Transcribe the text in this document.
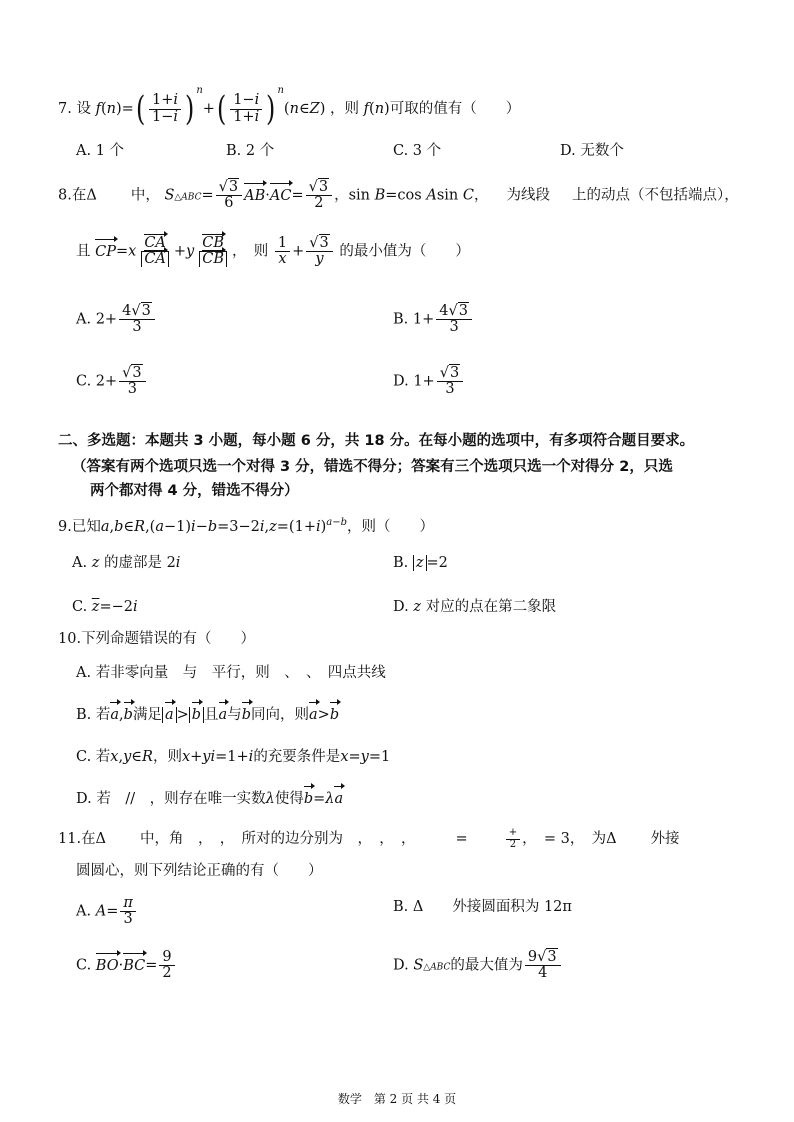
7. 设 f(n)= ( $\frac{1+i}{1-i}$ ) $^n$+ ( $\frac{1-i}{1+i}$ ) $^n$(n∈Z) ，则 f(n)可取的值有（　　）
A. 1 个	B. 2 个	C. 3 个	D. 无数个
8.在Δ 中， S△ABC= $\frac{√3}{6} AB\cdot AC= \frac{√3}{2}$ ，sin B=cos Asin C， 为线段 上的动点（不包括端点），
且 $CP=x \frac{CA}{CA} +y \frac{CB}{CB}$ ，　则 $\frac{1}{x} + \frac{√3}{y}$ 的最小值为（　　）
A. $2+ \frac{4√3}{3}$	B. $1+ \frac{4√3}{3}$
C. $2+ \frac{√3}{3}$	D. $1+ \frac{√3}{3}$
二、多选题：本题共 3 小题，每小题 6 分，共 18 分。在每小题的选项中，有多项符合题目要求。
（答案有两个选项只选一个对得 3 分，错选不得分；答案有三个选项只选一个对得分 2，只选
两个都对得 4 分，错选不得分）
9.已知$a,b\in R,(a-1)i-b=3-2i,z=(1+i)^{a-b}$，则（　　）
A. z 的虚部是 2i	B. z =2
C. $\overline{z}=-2i$	D. z 对应的点在第二象限
10.下列命题错误的有（　　）
A. 若非零向量　与　平行，则　、　、　四点共线
B. 若a,b满足 a > b 且a与b同向，则a>b
C. 若x,y∈R，则x+yi=1+i的充要条件是x=y=1
D. 若　//　，则存在唯一实数λ使得b=λa
11.在Δ 中，角　，　，　所对的边分别为　，　，　，	=	$\frac{+}{2}$ ，　= 3，　为Δ 外接
圆圆心，则下列结论正确的有（　　）
A. $A= \frac{\pi}{3}$	B. Δ　　外接圆面积为 12π
C. $BO\cdot BC= \frac{9}{2}$	D. S△ABC的最大值为 $\frac{9√3}{4}$
数学　第 2 页 共 4 页
